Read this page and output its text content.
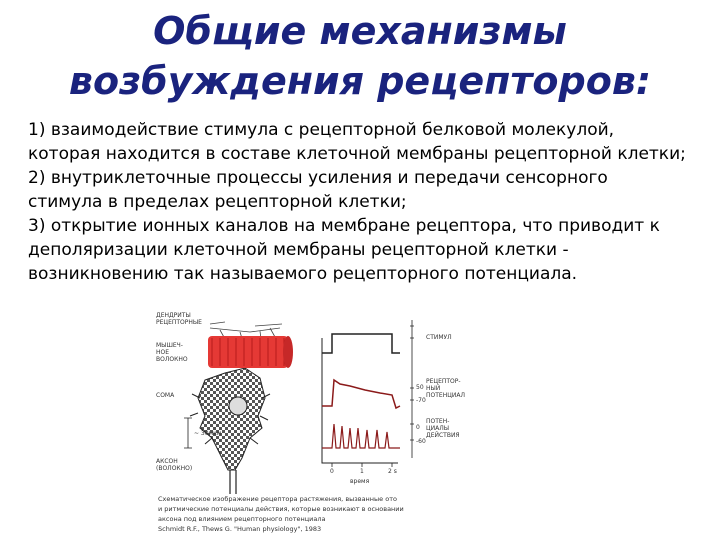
Общие механизмы
возбуждения рецепторов:
1) взаимодействие стимула с рецепторной белковой молекулой,
которая находится в составе клеточной мембраны рецепторной клетки;
2) внутриклеточные процессы усиления и передачи сенсорного
стимула в пределах рецепторной клетки;
3) открытие ионных каналов на мембране рецептора, что приводит к
деполяризации клеточной мембраны рецепторной клетки -
возникновению так называемого рецепторного потенциала.
ДЕНДРИТЫ
РЕЦЕПТОРНЫЕ
МЫШЕЧ-
НОЕ
ВОЛОКНО
СОМА
~ 30мкм
АКСОН
(ВОЛОКНО)
СТИМУЛ
РЕЦЕПТОР-
НЫЙ
ПОТЕНЦИАЛ
ПОТЕН-
ЦИАЛЫ
ДЕЙСТВИЯ
50
-70
-60
0
0	1	2 s
время
Схематическое изображение рецептора растяжения, вызванные ото
и ритмические потенциалы действия, которые возникают в основании
аксона под влиянием рецепторного потенциала
Schmidt R.F., Thews G. "Human physiology", 1983
